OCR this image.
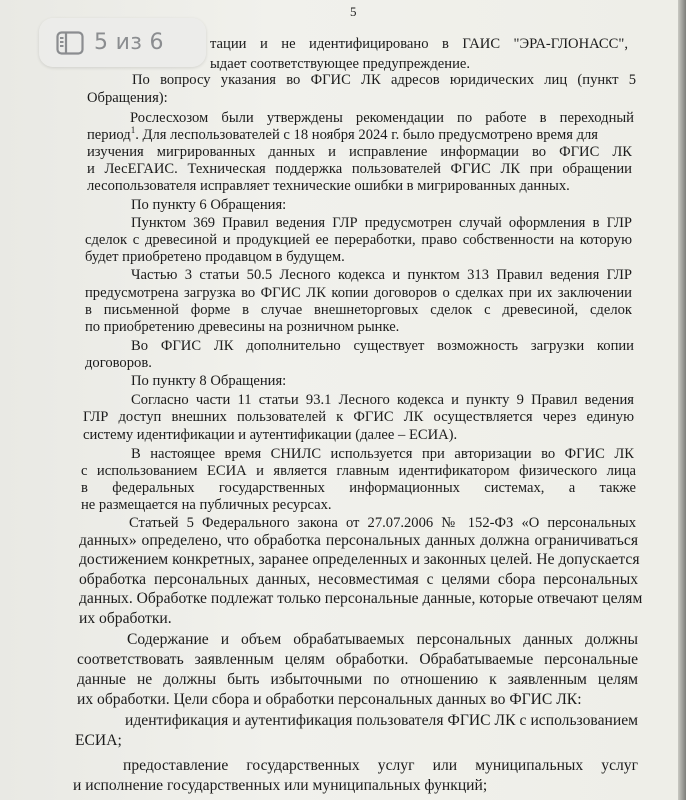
5

тации и не идентифицировано в ГАИС "ЭРА-ГЛОНАСС",

ыдает соответствующее предупреждение.

По вопросу указания во ФГИС ЛК адресов юридических лиц (пункт 5

Обращения):

Рослесхозом были утверждены рекомендации по работе в переходный

период$^1$. Для леспользователей с 18 ноября 2024 г. было предусмотрено время для

изучения мигрированных данных и исправление информации во ФГИС ЛК

и ЛесЕГАИС. Техническая поддержка пользователей ФГИС ЛК при обращении

лесопользователя исправляет технические ошибки в мигрированных данных.

По пункту 6 Обращения:

Пунктом 369 Правил ведения ГЛР предусмотрен случай оформления в ГЛР

сделок с древесиной и продукцией ее переработки, право собственности на которую

будет приобретено продавцом в будущем.

Частью 3 статьи 50.5 Лесного кодекса и пунктом 313 Правил ведения ГЛР

предусмотрена загрузка во ФГИС ЛК копии договоров о сделках при их заключении

в письменной форме в случае внешнеторговых сделок с древесиной, сделок

по приобретению древесины на розничном рынке.

Во ФГИС ЛК дополнительно существует возможность загрузки копии

договоров.

По пункту 8 Обращения:

Согласно части 11 статьи 93.1 Лесного кодекса и пункту 9 Правил ведения

ГЛР доступ внешних пользователей к ФГИС ЛК осуществляется через единую

систему идентификации и аутентификации (далее – ЕСИА).

В настоящее время СНИЛС используется при авторизации во ФГИС ЛК

с использованием ЕСИА и является главным идентификатором физического лица

в федеральных государственных информационных системах, а также

не размещается на публичных ресурсах.

Статьей 5 Федерального закона от 27.07.2006 № 152-ФЗ «О персональных

данных» определено, что обработка персональных данных должна ограничиваться

достижением конкретных, заранее определенных и законных целей. Не допускается

обработка персональных данных, несовместимая с целями сбора персональных

данных. Обработке подлежат только персональные данные, которые отвечают целям

их обработки.

Содержание и объем обрабатываемых персональных данных должны

соответствовать заявленным целям обработки. Обрабатываемые персональные

данные не должны быть избыточными по отношению к заявленным целям

их обработки. Цели сбора и обработки персональных данных во ФГИС ЛК:

идентификация и аутентификация пользователя ФГИС ЛК с использованием

ЕСИА;

предоставление государственных услуг или муниципальных услуг

и исполнение государственных или муниципальных функций;

5 из 6
